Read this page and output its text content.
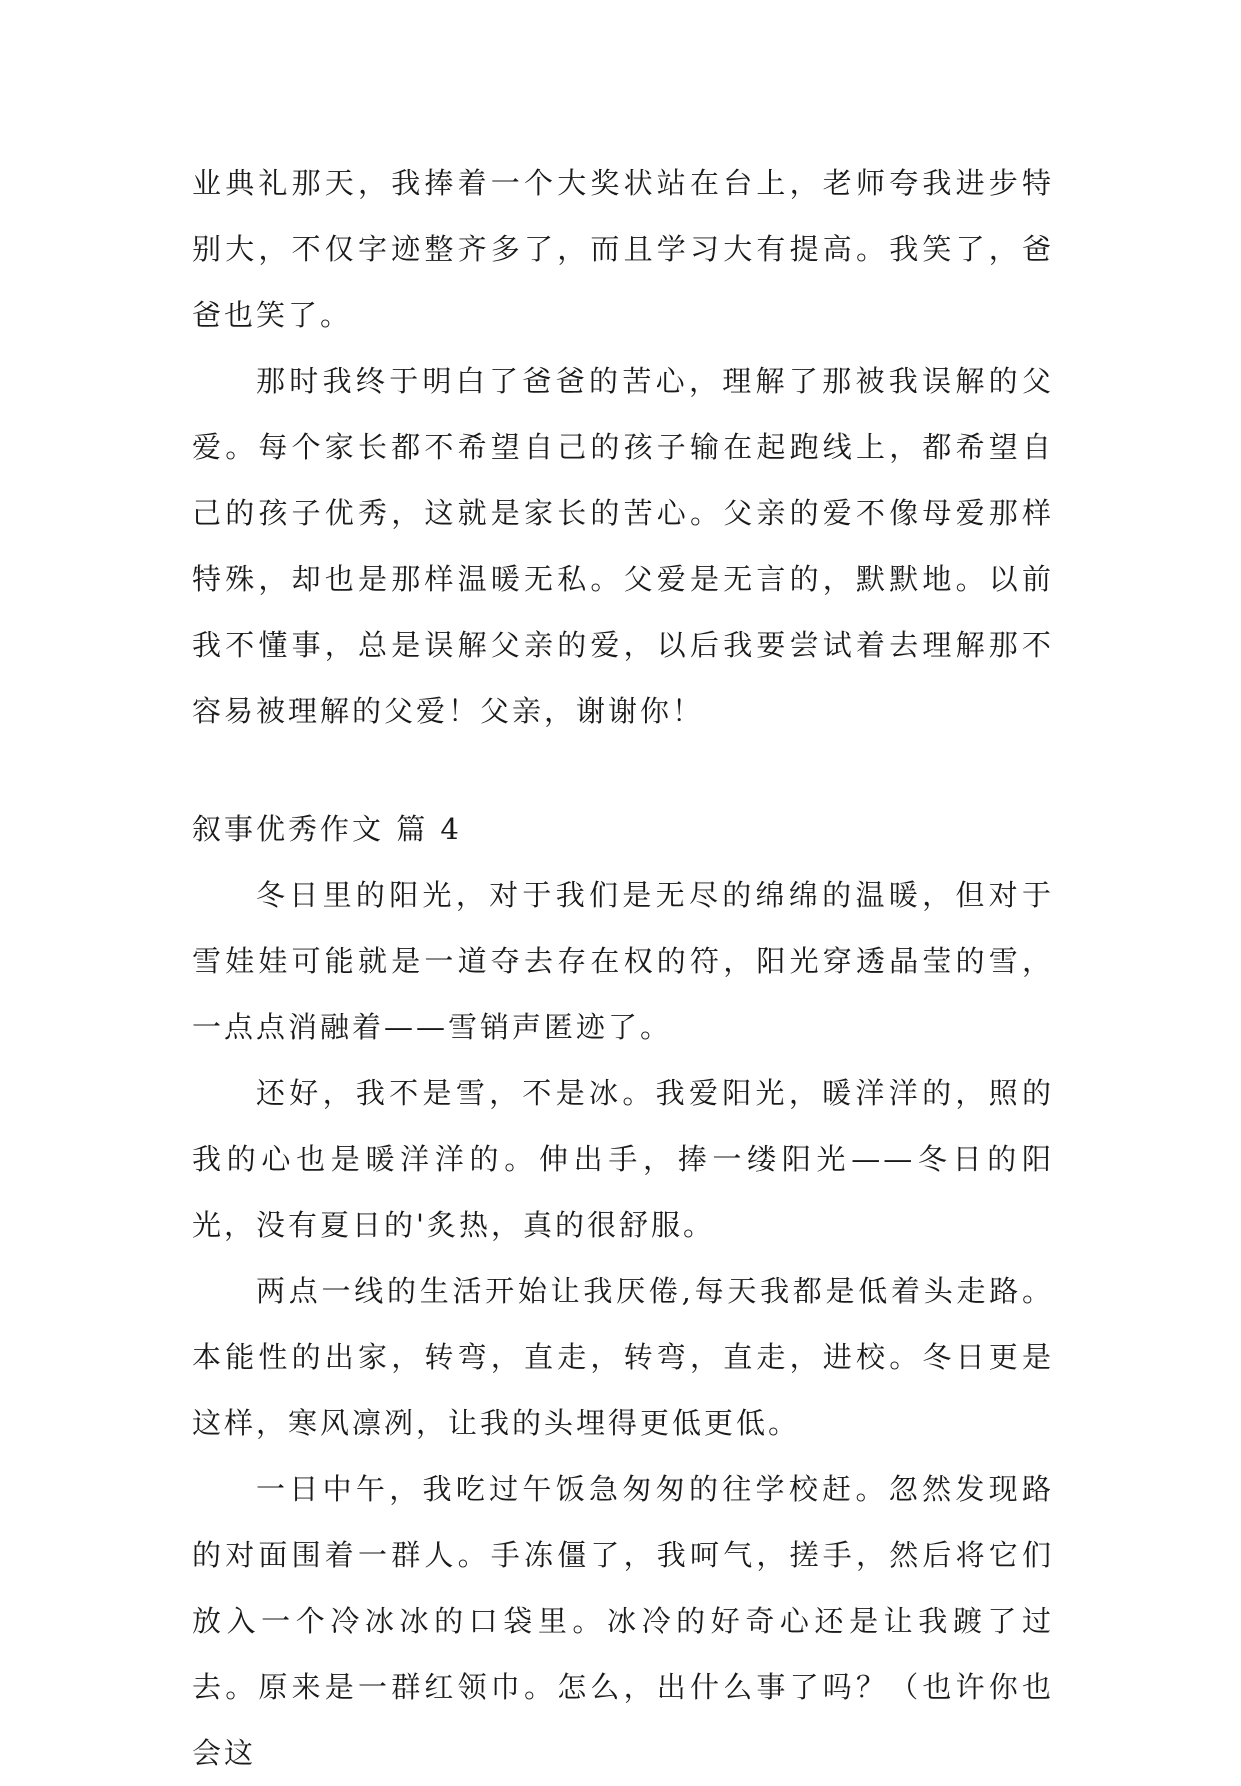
业典礼那天，我捧着一个大奖状站在台上，老师夸我进步特别大，不仅字迹整齐多了，而且学习大有提高。我笑了，爸爸也笑了。

那时我终于明白了爸爸的苦心，理解了那被我误解的父爱。每个家长都不希望自己的孩子输在起跑线上，都希望自己的孩子优秀，这就是家长的苦心。父亲的爱不像母爱那样特殊，却也是那样温暖无私。父爱是无言的，默默地。以前我不懂事，总是误解父亲的爱，以后我要尝试着去理解那不容易被理解的父爱！父亲，谢谢你！

叙事优秀作文 篇 4

冬日里的阳光，对于我们是无尽的绵绵的温暖，但对于雪娃娃可能就是一道夺去存在权的符，阳光穿透晶莹的雪，一点点消融着——雪销声匿迹了。

还好，我不是雪，不是冰。我爱阳光，暖洋洋的，照的我的心也是暖洋洋的。伸出手，捧一缕阳光——冬日的阳光，没有夏日的'炙热，真的很舒服。

两点一线的生活开始让我厌倦,每天我都是低着头走路。本能性的出家，转弯，直走，转弯，直走，进校。冬日更是这样，寒风凛冽，让我的头埋得更低更低。

一日中午，我吃过午饭急匆匆的往学校赶。忽然发现路的对面围着一群人。手冻僵了，我呵气，搓手，然后将它们放入一个冷冰冰的口袋里。冰冷的好奇心还是让我踱了过去。原来是一群红领巾。怎么，出什么事了吗？（也许你也会这
